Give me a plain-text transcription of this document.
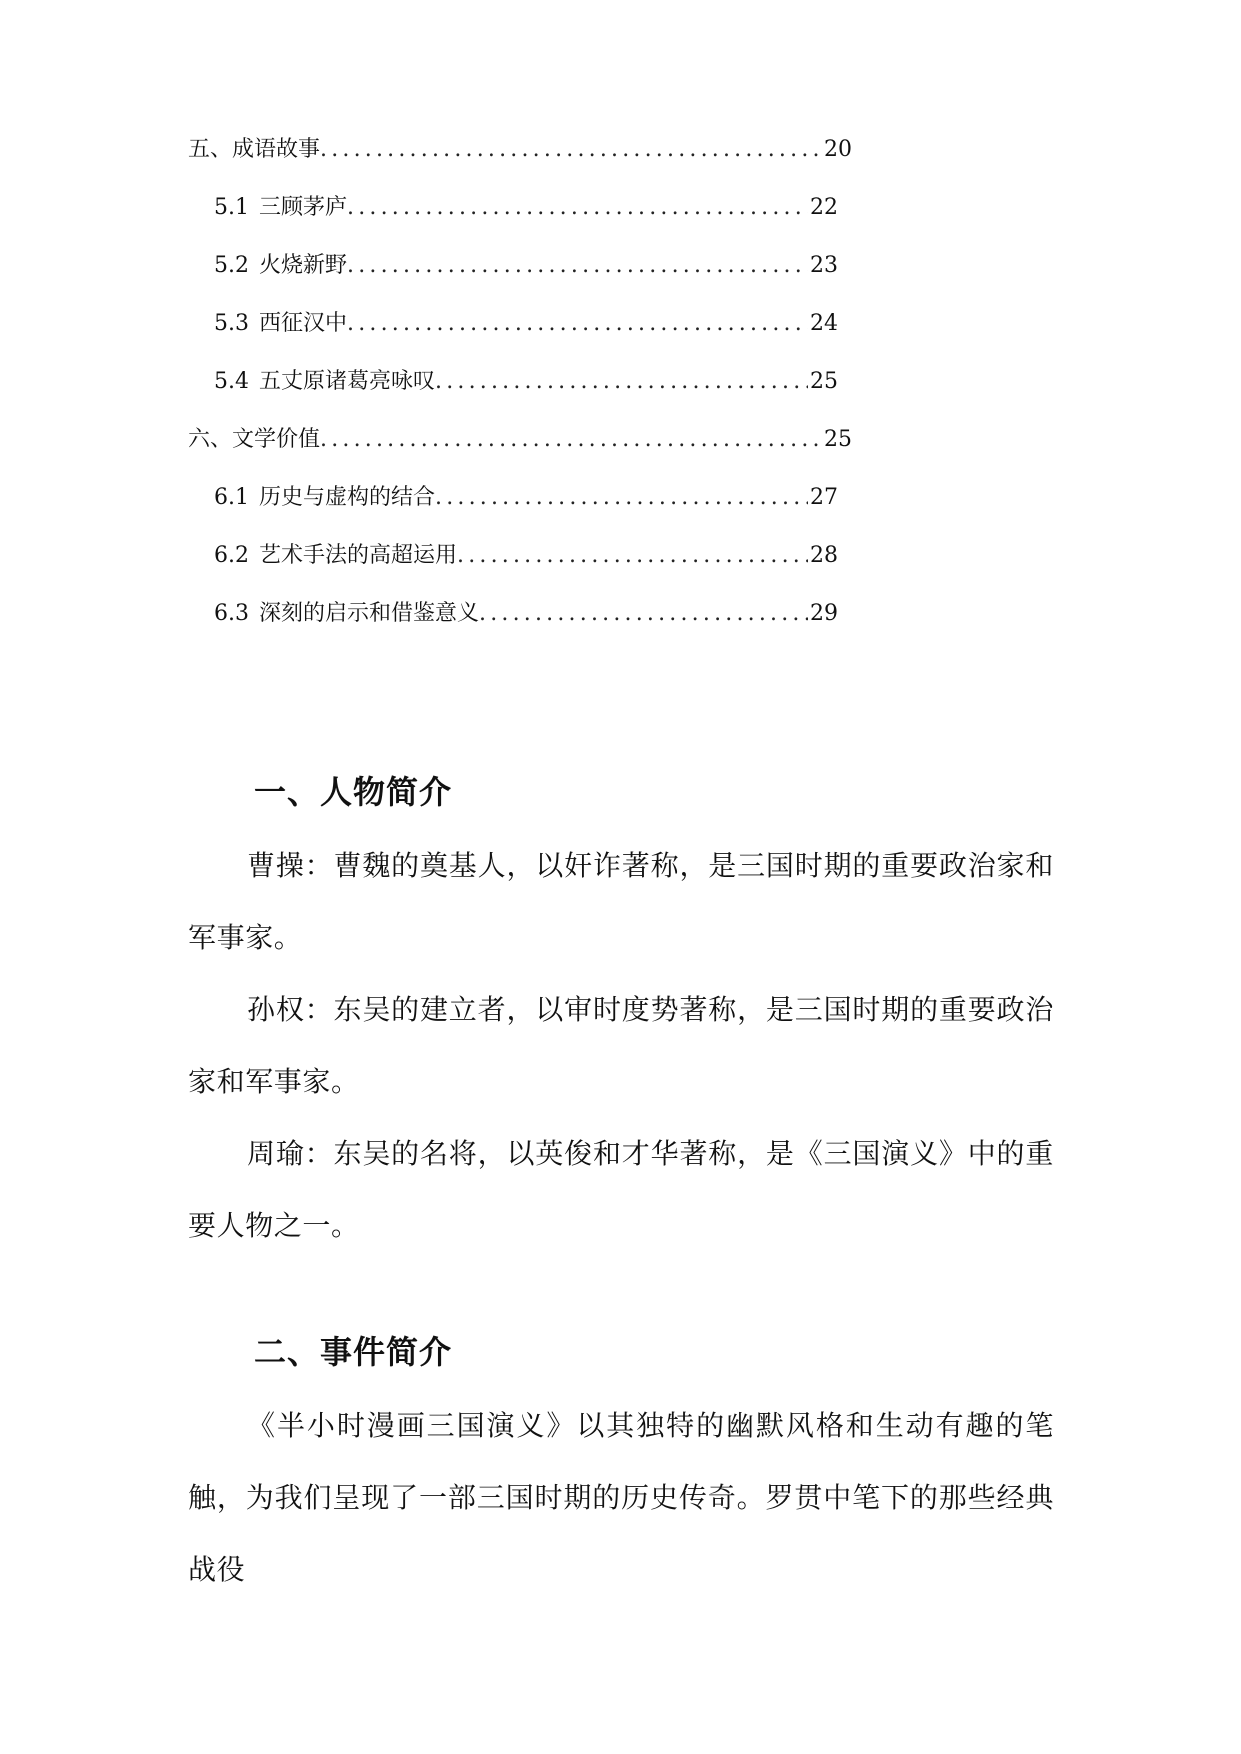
五、成语故事 .....	20
5.1 三顾茅庐 .....	22
5.2 火烧新野 .....	23
5.3 西征汉中 .....	24
5.4 五丈原诸葛亮咏叹 .....	25
六、文学价值 .....	25
6.1 历史与虚构的结合 .....	27
6.2 艺术手法的高超运用 .....	28
6.3 深刻的启示和借鉴意义 .....	29
一、人物简介

曹操：曹魏的奠基人，以奸诈著称，是三国时期的重要政治家和军事家。

孙权：东吴的建立者，以审时度势著称，是三国时期的重要政治家和军事家。

周瑜：东吴的名将，以英俊和才华著称，是《三国演义》中的重要人物之一。

二、事件简介

《半小时漫画三国演义》以其独特的幽默风格和生动有趣的笔触，为我们呈现了一部三国时期的历史传奇。罗贯中笔下的那些经典战役
